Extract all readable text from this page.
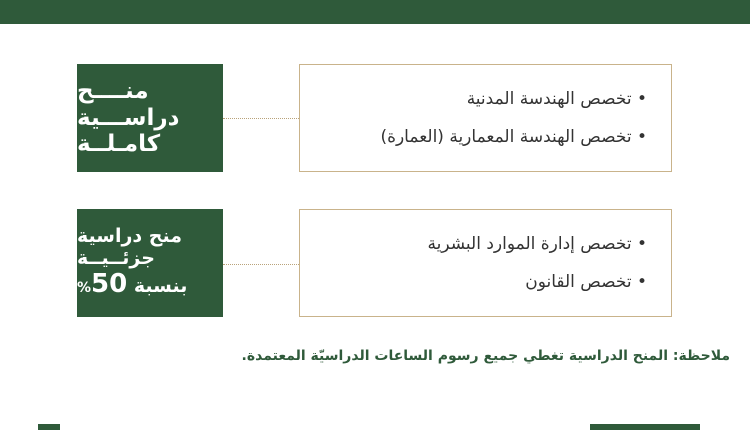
منــــح
دراســـية
كامـلــة
• تخصص الهندسة المدنية
• تخصص الهندسة المعمارية (العمارة)
منح دراسية
جزئــيــة
بنسبة 50%
• تخصص إدارة الموارد البشرية
• تخصص القانون
ملاحظة: المنح الدراسية تغطي جميع رسوم الساعات الدراسيّة المعتمدة.
